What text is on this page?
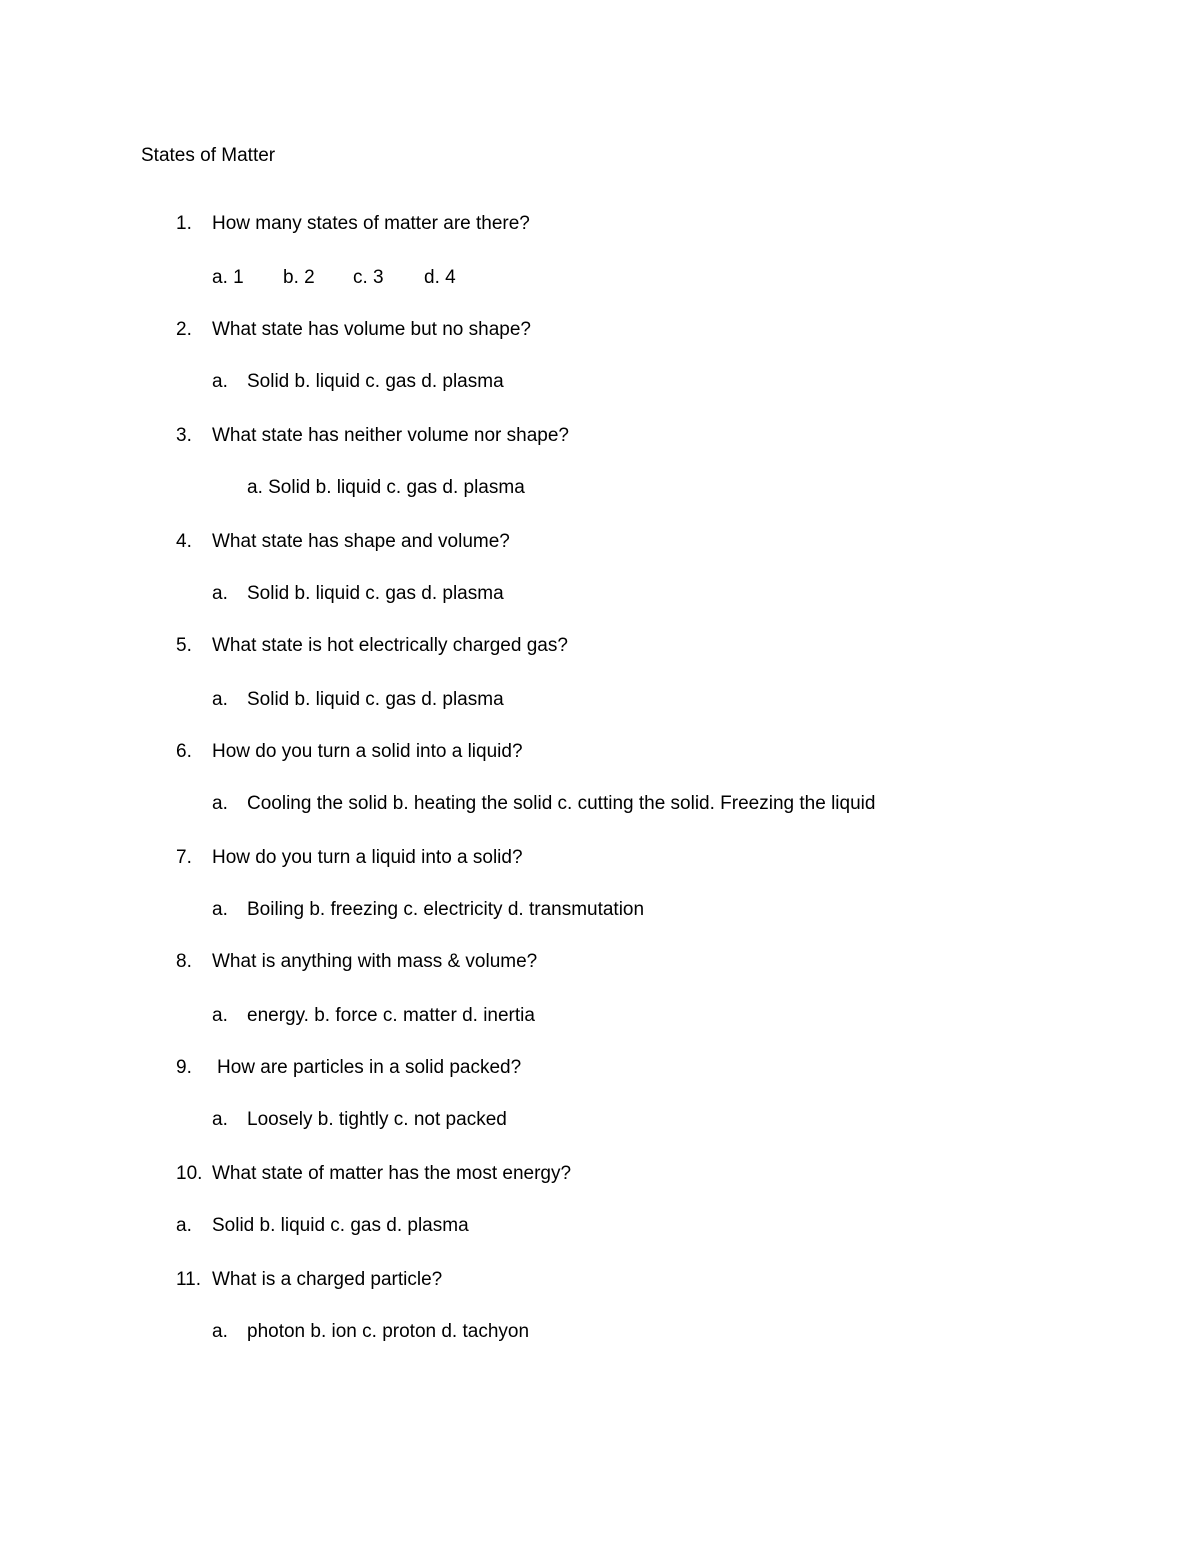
States of Matter
1. How many states of matter are there?
a. 1 b. 2 c. 3 d. 4
2. What state has volume but no shape?
a. Solid b. liquid c. gas d. plasma
3. What state has neither volume nor shape?
a. Solid b. liquid c. gas d. plasma
4. What state has shape and volume?
a. Solid b. liquid c. gas d. plasma
5. What state is hot electrically charged gas?
a. Solid b. liquid c. gas d. plasma
6. How do you turn a solid into a liquid?
a. Cooling the solid b. heating the solid c. cutting the solid. Freezing the liquid
7. How do you turn a liquid into a solid?
a. Boiling b. freezing c. electricity d. transmutation
8. What is anything with mass & volume?
a. energy. b. force c. matter d. inertia
9. How are particles in a solid packed?
a. Loosely b. tightly c. not packed
10. What state of matter has the most energy?
a. Solid b. liquid c. gas d. plasma
11. What is a charged particle?
a. photon b. ion c. proton d. tachyon
